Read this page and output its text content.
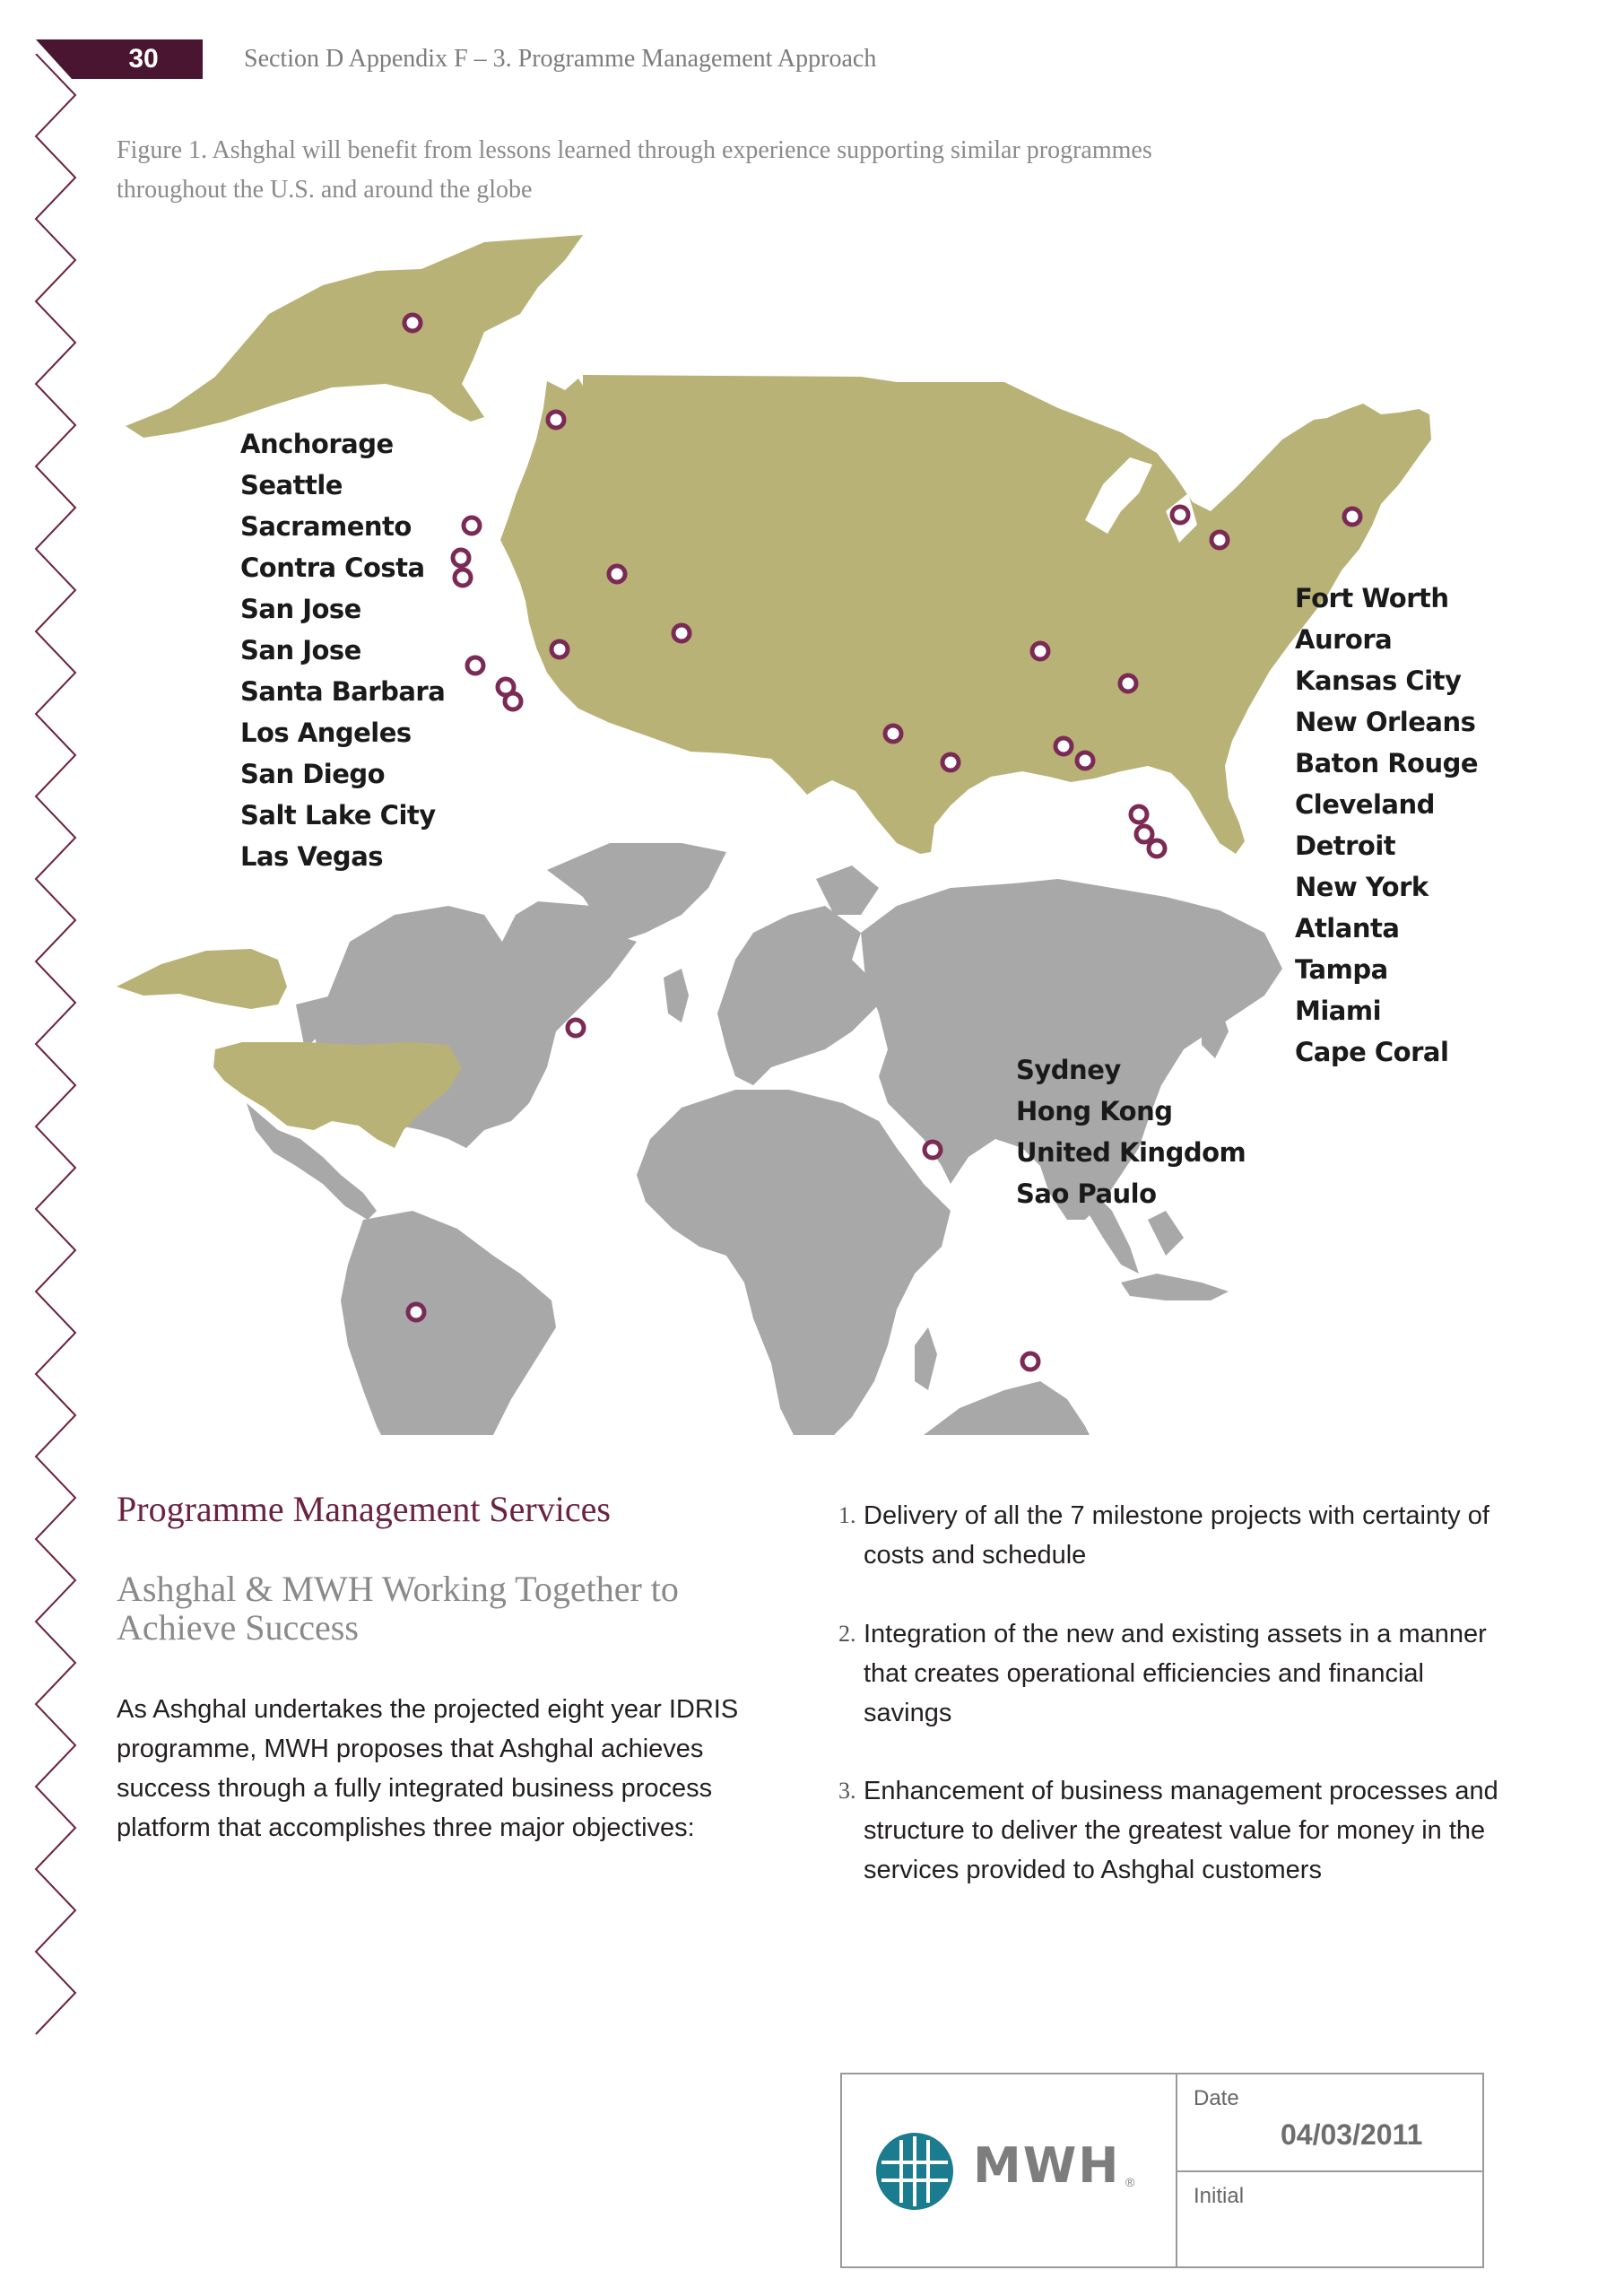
30	Section D Appendix F – 3. Programme Management Approach
Figure 1. Ashghal will benefit from lessons learned through experience supporting similar programmes throughout the U.S. and around the globe
Anchorage
Seattle
Sacramento
Contra Costa
San Jose
San Jose
Santa Barbara
Los Angeles
San Diego
Salt Lake City
Las Vegas
Fort Worth
Aurora
Kansas City
New Orleans
Baton Rouge
Cleveland
Detroit
New York
Atlanta
Tampa
Miami
Cape Coral
Sydney
Hong Kong
United Kingdom
Sao Paulo
Programme Management Services
Ashghal & MWH Working Together to Achieve Success
As Ashghal undertakes the projected eight year IDRIS programme, MWH proposes that Ashghal achieves success through a fully integrated business process platform that accomplishes three major objectives:
1. Delivery of all the 7 milestone projects with certainty of costs and schedule
2. Integration of the new and existing assets in a manner that creates operational efficiencies and financial savings
3. Enhancement of business management processes and structure to deliver the greatest value for money in the services provided to Ashghal customers
MWH ®
Date
04/03/2011
Initial
